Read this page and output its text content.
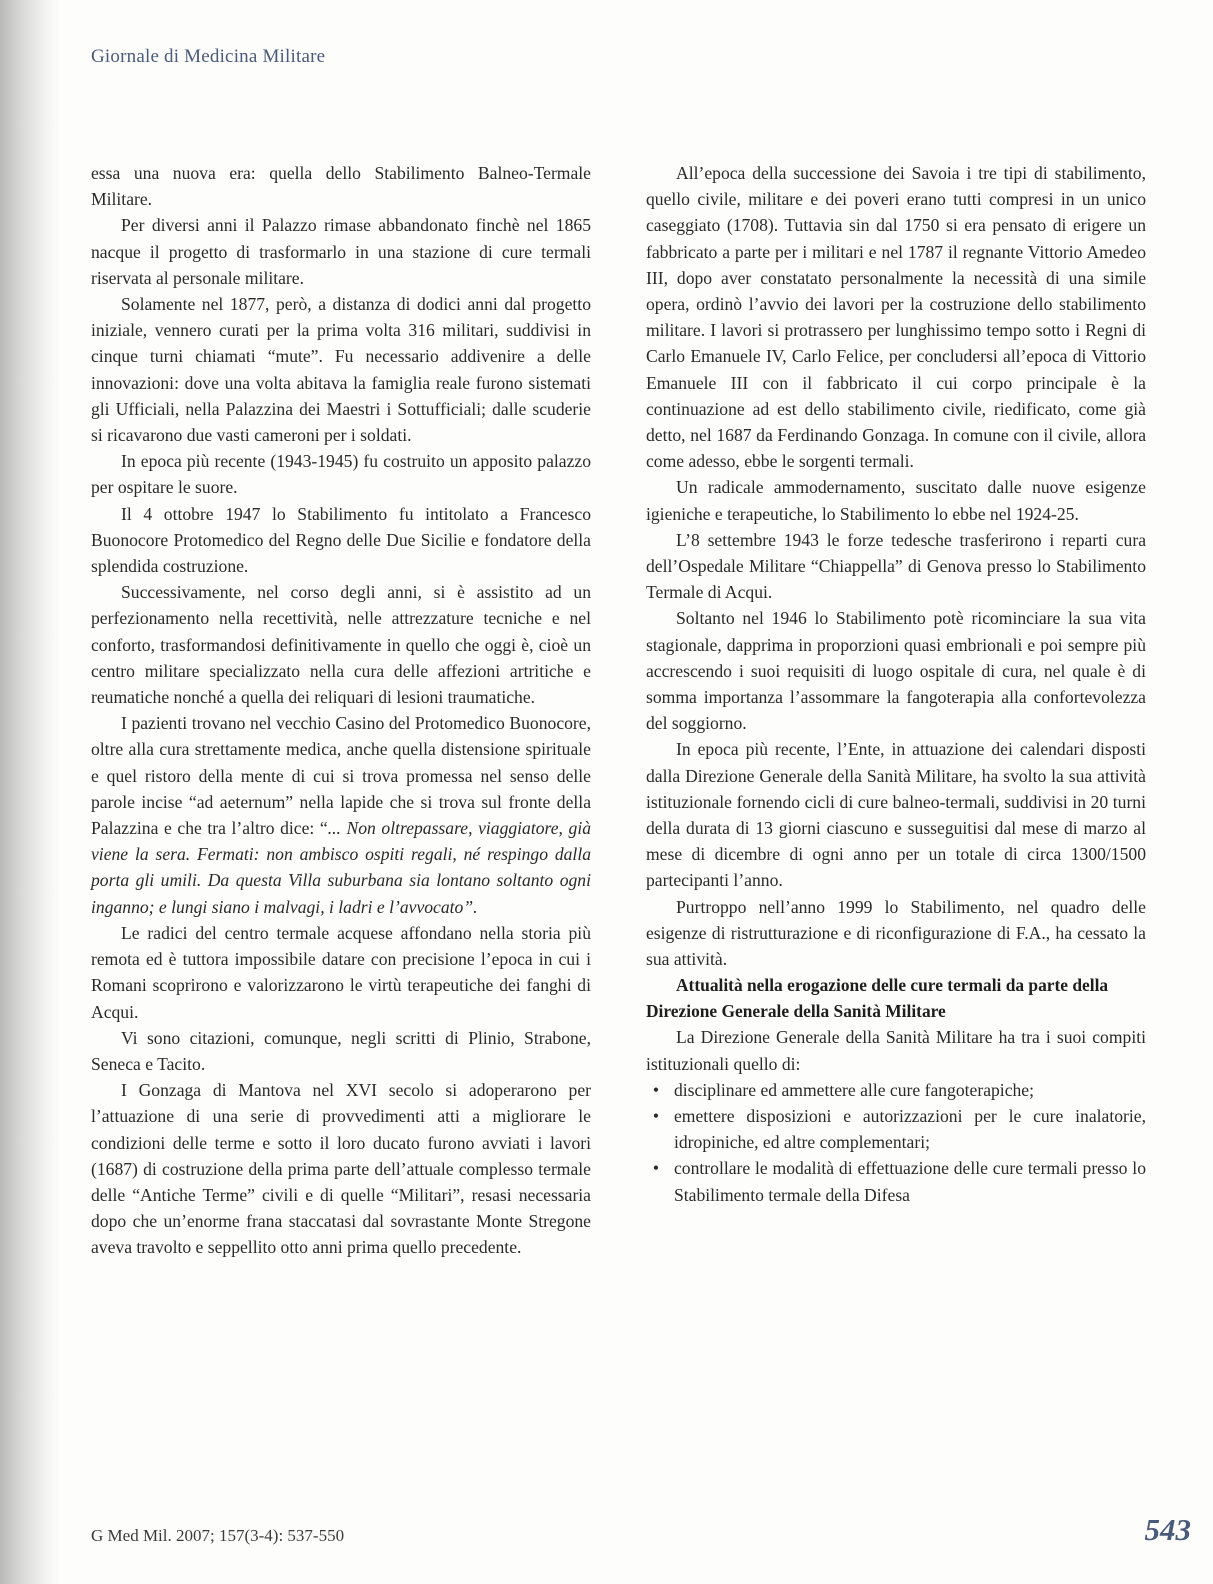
Giornale di Medicina Militare

essa una nuova era: quella dello Stabilimento Balneo-Termale Militare.

Per diversi anni il Palazzo rimase abbandonato finchè nel 1865 nacque il progetto di trasformarlo in una stazione di cure termali riservata al personale militare.

Solamente nel 1877, però, a distanza di dodici anni dal progetto iniziale, vennero curati per la prima volta 316 militari, suddivisi in cinque turni chiamati “mute”. Fu necessario addivenire a delle innovazioni: dove una volta abitava la famiglia reale furono sistemati gli Ufficiali, nella Palazzina dei Maestri i Sottufficiali; dalle scuderie si ricavarono due vasti cameroni per i soldati.

In epoca più recente (1943-1945) fu costruito un apposito palazzo per ospitare le suore.

Il 4 ottobre 1947 lo Stabilimento fu intitolato a Francesco Buonocore Protomedico del Regno delle Due Sicilie e fondatore della splendida costruzione.

Successivamente, nel corso degli anni, si è assistito ad un perfezionamento nella recettività, nelle attrezzature tecniche e nel conforto, trasformandosi definitivamente in quello che oggi è, cioè un centro militare specializzato nella cura delle affezioni artritiche e reumatiche nonché a quella dei reliquari di lesioni traumatiche.

I pazienti trovano nel vecchio Casino del Protomedico Buonocore, oltre alla cura strettamente medica, anche quella distensione spirituale e quel ristoro della mente di cui si trova promessa nel senso delle parole incise “ad aeternum” nella lapide che si trova sul fronte della Palazzina e che tra l’altro dice: “... Non oltrepassare, viaggiatore, già viene la sera. Fermati: non ambisco ospiti regali, né respingo dalla porta gli umili. Da questa Villa suburbana sia lontano soltanto ogni inganno; e lungi siano i malvagi, i ladri e l’avvocato”.

Le radici del centro termale acquese affondano nella storia più remota ed è tuttora impossibile datare con precisione l’epoca in cui i Romani scoprirono e valorizzarono le virtù terapeutiche dei fanghi di Acqui.

Vi sono citazioni, comunque, negli scritti di Plinio, Strabone, Seneca e Tacito.

I Gonzaga di Mantova nel XVI secolo si adoperarono per l’attuazione di una serie di provvedimenti atti a migliorare le condizioni delle terme e sotto il loro ducato furono avviati i lavori (1687) di costruzione della prima parte dell’attuale complesso termale delle “Antiche Terme” civili e di quelle “Militari”, resasi necessaria dopo che un’enorme frana staccatasi dal sovrastante Monte Stregone aveva travolto e seppellito otto anni prima quello precedente.

All’epoca della successione dei Savoia i tre tipi di stabilimento, quello civile, militare e dei poveri erano tutti compresi in un unico caseggiato (1708). Tuttavia sin dal 1750 si era pensato di erigere un fabbricato a parte per i militari e nel 1787 il regnante Vittorio Amedeo III, dopo aver constatato personalmente la necessità di una simile opera, ordinò l’avvio dei lavori per la costruzione dello stabilimento militare. I lavori si protrassero per lunghissimo tempo sotto i Regni di Carlo Emanuele IV, Carlo Felice, per concludersi all’epoca di Vittorio Emanuele III con il fabbricato il cui corpo principale è la continuazione ad est dello stabilimento civile, riedificato, come già detto, nel 1687 da Ferdinando Gonzaga. In comune con il civile, allora come adesso, ebbe le sorgenti termali.

Un radicale ammodernamento, suscitato dalle nuove esigenze igieniche e terapeutiche, lo Stabilimento lo ebbe nel 1924-25.

L’8 settembre 1943 le forze tedesche trasferirono i reparti cura dell’Ospedale Militare “Chiappella” di Genova presso lo Stabilimento Termale di Acqui.

Soltanto nel 1946 lo Stabilimento potè ricominciare la sua vita stagionale, dapprima in proporzioni quasi embrionali e poi sempre più accrescendo i suoi requisiti di luogo ospitale di cura, nel quale è di somma importanza l’assommare la fangoterapia alla confortevolezza del soggiorno.

In epoca più recente, l’Ente, in attuazione dei calendari disposti dalla Direzione Generale della Sanità Militare, ha svolto la sua attività istituzionale fornendo cicli di cure balneo-termali, suddivisi in 20 turni della durata di 13 giorni ciascuno e susseguitisi dal mese di marzo al mese di dicembre di ogni anno per un totale di circa 1300/1500 partecipanti l’anno.

Purtroppo nell’anno 1999 lo Stabilimento, nel quadro delle esigenze di ristrutturazione e di riconfigurazione di F.A., ha cessato la sua attività.

Attualità nella erogazione delle cure termali da parte della Direzione Generale della Sanità Militare

La Direzione Generale della Sanità Militare ha tra i suoi compiti istituzionali quello di:

• disciplinare ed ammettere alle cure fangoterapiche;
• emettere disposizioni e autorizzazioni per le cure inalatorie, idropiniche, ed altre complementari;
• controllare le modalità di effettuazione delle cure termali presso lo Stabilimento termale della Difesa
G Med Mil. 2007; 157(3-4): 537-550	543
